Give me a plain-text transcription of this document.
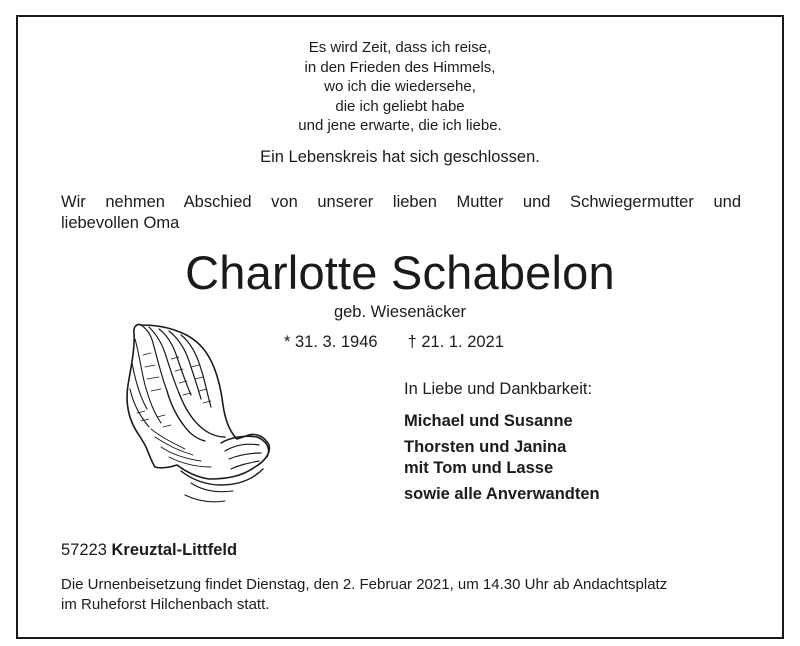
Es wird Zeit, dass ich reise,
in den Frieden des Himmels,
wo ich die wiedersehe,
die ich geliebt habe
und jene erwarte, die ich liebe.
Ein Lebenskreis hat sich geschlossen.
Wir nehmen Abschied von unserer lieben Mutter und Schwiegermutter und
liebevollen Oma
Charlotte Schabelon
geb. Wiesenäcker
* 31. 3. 1946 † 21. 1. 2021
In Liebe und Dankbarkeit:
Michael und Susanne
Thorsten und Janina
mit Tom und Lasse
sowie alle Anverwandten
57223 Kreuztal-Littfeld
Die Urnenbeisetzung findet Dienstag, den 2. Februar 2021, um 14.30 Uhr ab Andachtsplatz
im Ruheforst Hilchenbach statt.
